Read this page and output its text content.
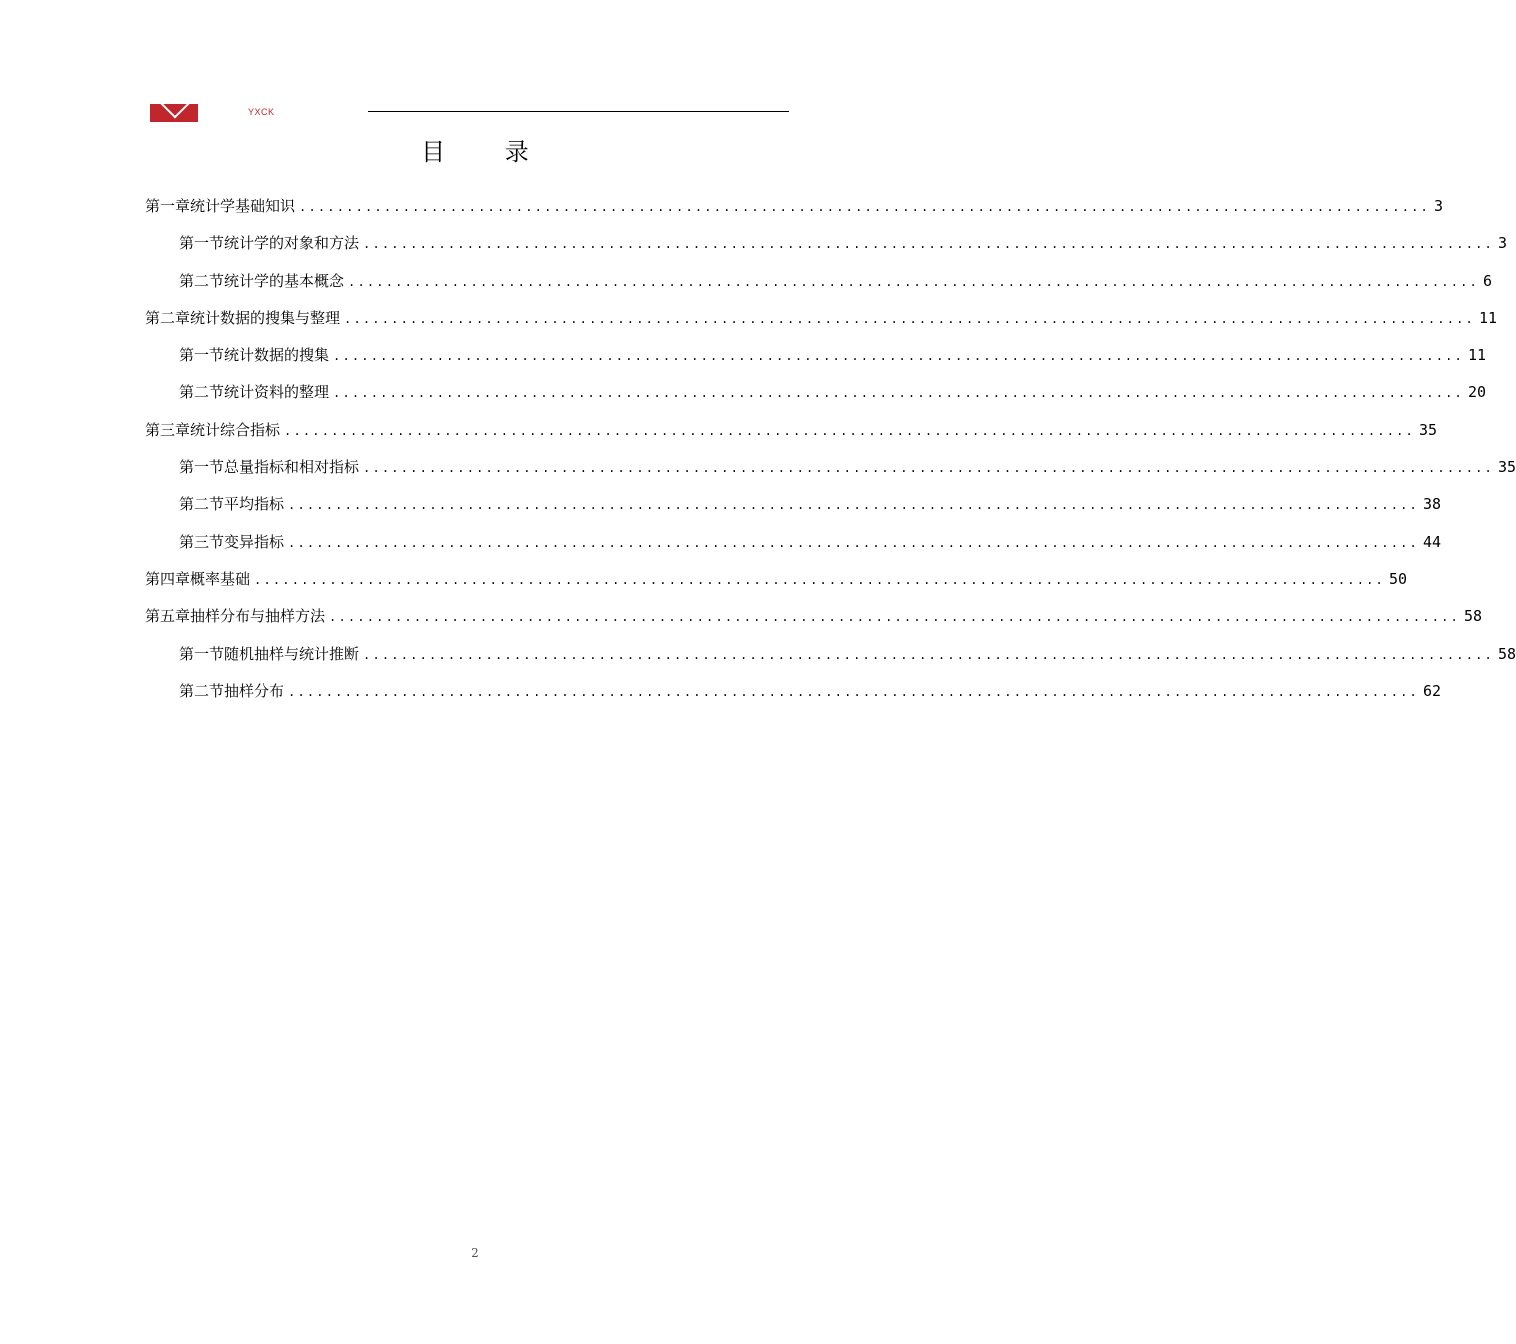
YXCK
目 录
第一章 统计学基础知识 ........................................................................................................................ 3
第一节 统计学的对象和方法 ........................................................................................................................ 3
第二节 统计学的基本概念 ........................................................................................................................ 6
第二章 统计数据的搜集与整理 ........................................................................................................................ 11
第一节 统计数据的搜集 ........................................................................................................................ 11
第二节 统计资料的整理 ........................................................................................................................ 20
第三章 统计综合指标 ........................................................................................................................ 35
第一节 总量指标和相对指标 ........................................................................................................................ 35
第二节 平均指标 ........................................................................................................................ 38
第三节 变异指标 ........................................................................................................................ 44
第四章 概率基础 ........................................................................................................................ 50
第五章 抽样分布与抽样方法 ........................................................................................................................ 58
第一节 随机抽样与统计推断 ........................................................................................................................ 58
第二节 抽样分布 ........................................................................................................................ 62
2
